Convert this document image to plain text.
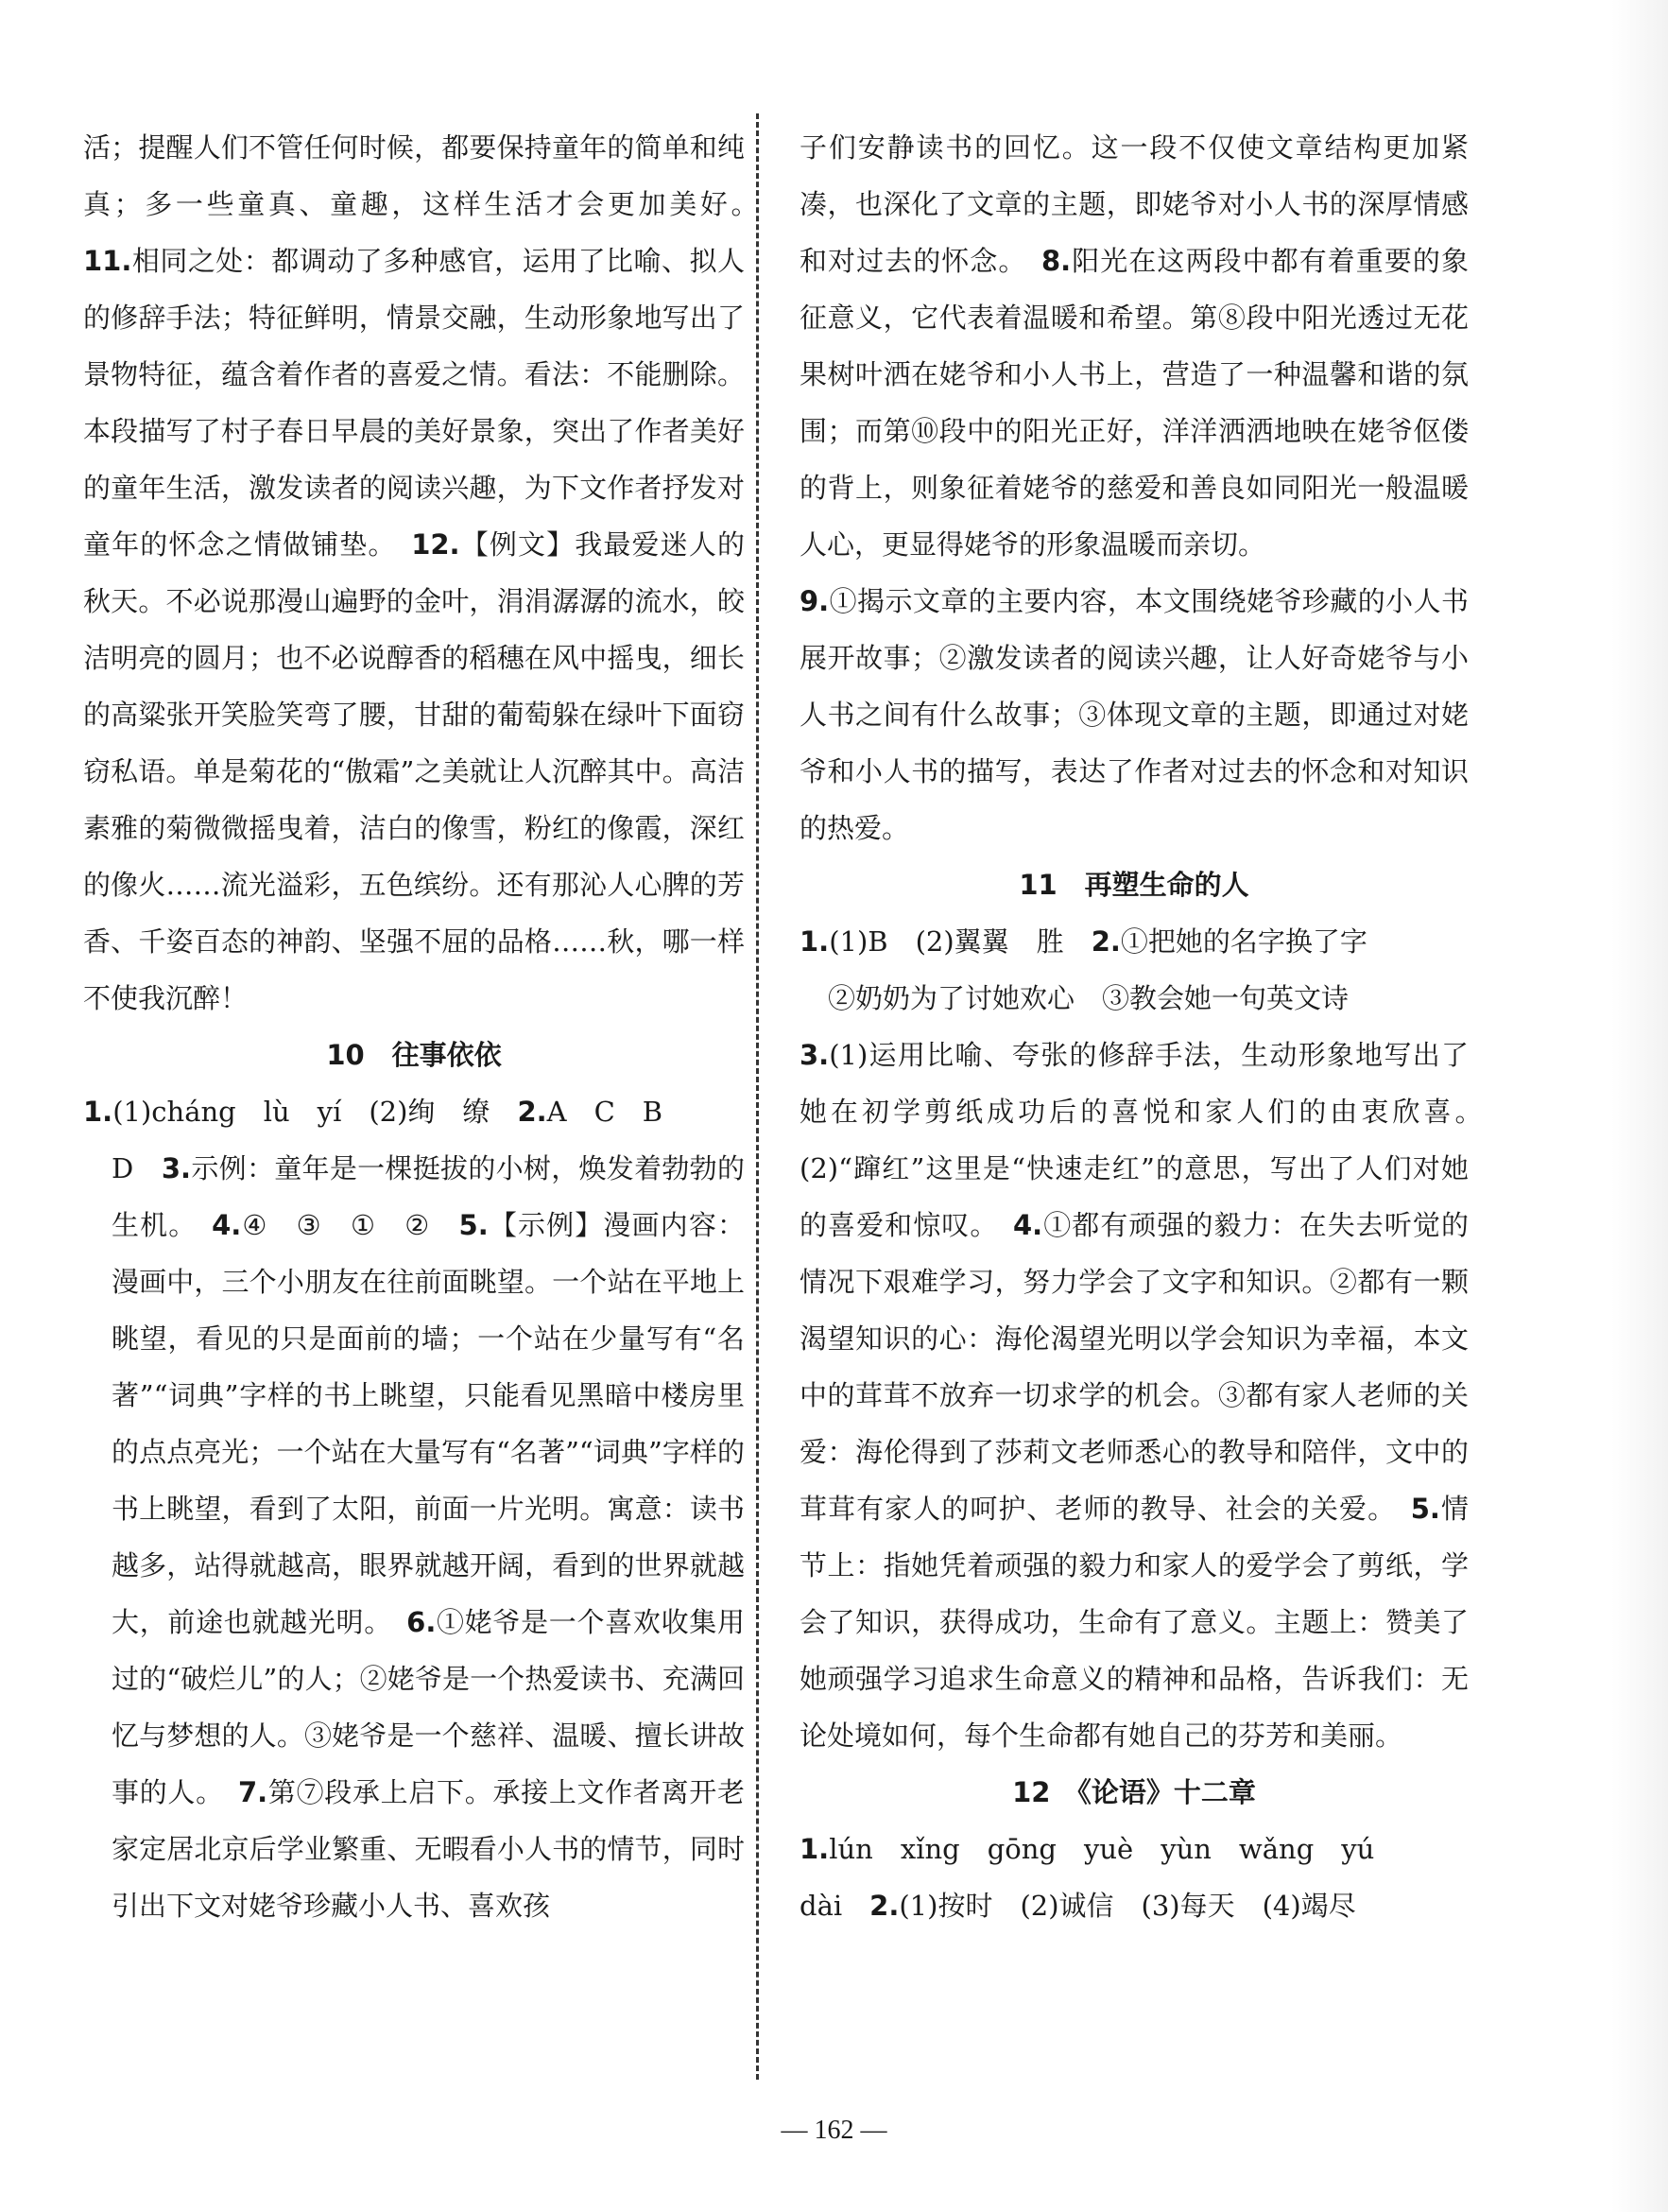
活；提醒人们不管任何时候，都要保持童年的简单和纯真；多一些童真、童趣，这样生活才会更加美好。　11.相同之处：都调动了多种感官，运用了比喻、拟人的修辞手法；特征鲜明，情景交融，生动形象地写出了景物特征，蕴含着作者的喜爱之情。看法：不能删除。本段描写了村子春日早晨的美好景象，突出了作者美好的童年生活，激发读者的阅读兴趣，为下文作者抒发对童年的怀念之情做铺垫。　 12.【例文】我最爱迷人的秋天。不必说那漫山遍野的金叶，涓涓潺潺的流水，皎洁明亮的圆月；也不必说醇香的稻穗在风中摇曳，细长的高粱张开笑脸笑弯了腰，甘甜的葡萄躲在绿叶下面窃窃私语。单是菊花的“傲霜”之美就让人沉醉其中。高洁素雅的菊微微摇曳着，洁白的像雪，粉红的像霞，深红的像火……流光溢彩，五色缤纷。还有那沁人心脾的芳香、千姿百态的神韵、坚强不屈的品格……秋，哪一样不使我沉醉！

10　往事依依

1.(1)cháng　lù　yí　(2)绚　缭　 2.A　C　B

D　 3.示例：童年是一棵挺拔的小树，焕发着勃勃的生机。　 4.④　③　①　②　 5.【示例】漫画内容：漫画中，三个小朋友在往前面眺望。一个站在平地上眺望，看见的只是面前的墙；一个站在少量写有“名著”“词典”字样的书上眺望，只能看见黑暗中楼房里的点点亮光；一个站在大量写有“名著”“词典”字样的书上眺望，看到了太阳，前面一片光明。寓意：读书越多，站得就越高，眼界就越开阔，看到的世界就越大，前途也就越光明。　 6.①姥爷是一个喜欢收集用过的“破烂儿”的人；②姥爷是一个热爱读书、充满回忆与梦想的人。③姥爷是一个慈祥、温暖、擅长讲故事的人。　 7.第⑦段承上启下。承接上文作者离开老家定居北京后学业繁重、无暇看小人书的情节，同时引出下文对姥爷珍藏小人书、喜欢孩

子们安静读书的回忆。这一段不仅使文章结构更加紧凑，也深化了文章的主题，即姥爷对小人书的深厚情感和对过去的怀念。　 8.阳光在这两段中都有着重要的象征意义，它代表着温暖和希望。第⑧段中阳光透过无花果树叶洒在姥爷和小人书上，营造了一种温馨和谐的氛围；而第⑩段中的阳光正好，洋洋洒洒地映在姥爷伛偻的背上，则象征着姥爷的慈爱和善良如同阳光一般温暖人心，更显得姥爷的形象温暖而亲切。

9.①揭示文章的主要内容，本文围绕姥爷珍藏的小人书展开故事；②激发读者的阅读兴趣，让人好奇姥爷与小人书之间有什么故事；③体现文章的主题，即通过对姥爷和小人书的描写，表达了作者对过去的怀念和对知识的热爱。

11　再塑生命的人

1.(1)B　(2)翼翼　胜　 2.①把她的名字换了字

②奶奶为了讨她欢心　③教会她一句英文诗

3.(1)运用比喻、夸张的修辞手法，生动形象地写出了她在初学剪纸成功后的喜悦和家人们的由衷欣喜。　(2)“蹿红”这里是“快速走红”的意思，写出了人们对她的喜爱和惊叹。　 4.①都有顽强的毅力：在失去听觉的情况下艰难学习，努力学会了文字和知识。②都有一颗渴望知识的心：海伦渴望光明以学会知识为幸福，本文中的茸茸不放弃一切求学的机会。③都有家人老师的关爱：海伦得到了莎莉文老师悉心的教导和陪伴，文中的茸茸有家人的呵护、老师的教导、社会的关爱。　 5.情节上：指她凭着顽强的毅力和家人的爱学会了剪纸，学会了知识，获得成功，生命有了意义。主题上：赞美了她顽强学习追求生命意义的精神和品格，告诉我们：无论处境如何，每个生命都有她自己的芬芳和美丽。

12　《论语》十二章

1.lún　xǐng　gōng　yuè　yùn　wǎng　yú

dài　 2.(1)按时　(2)诚信　(3)每天　(4)竭尽

— 162 —
